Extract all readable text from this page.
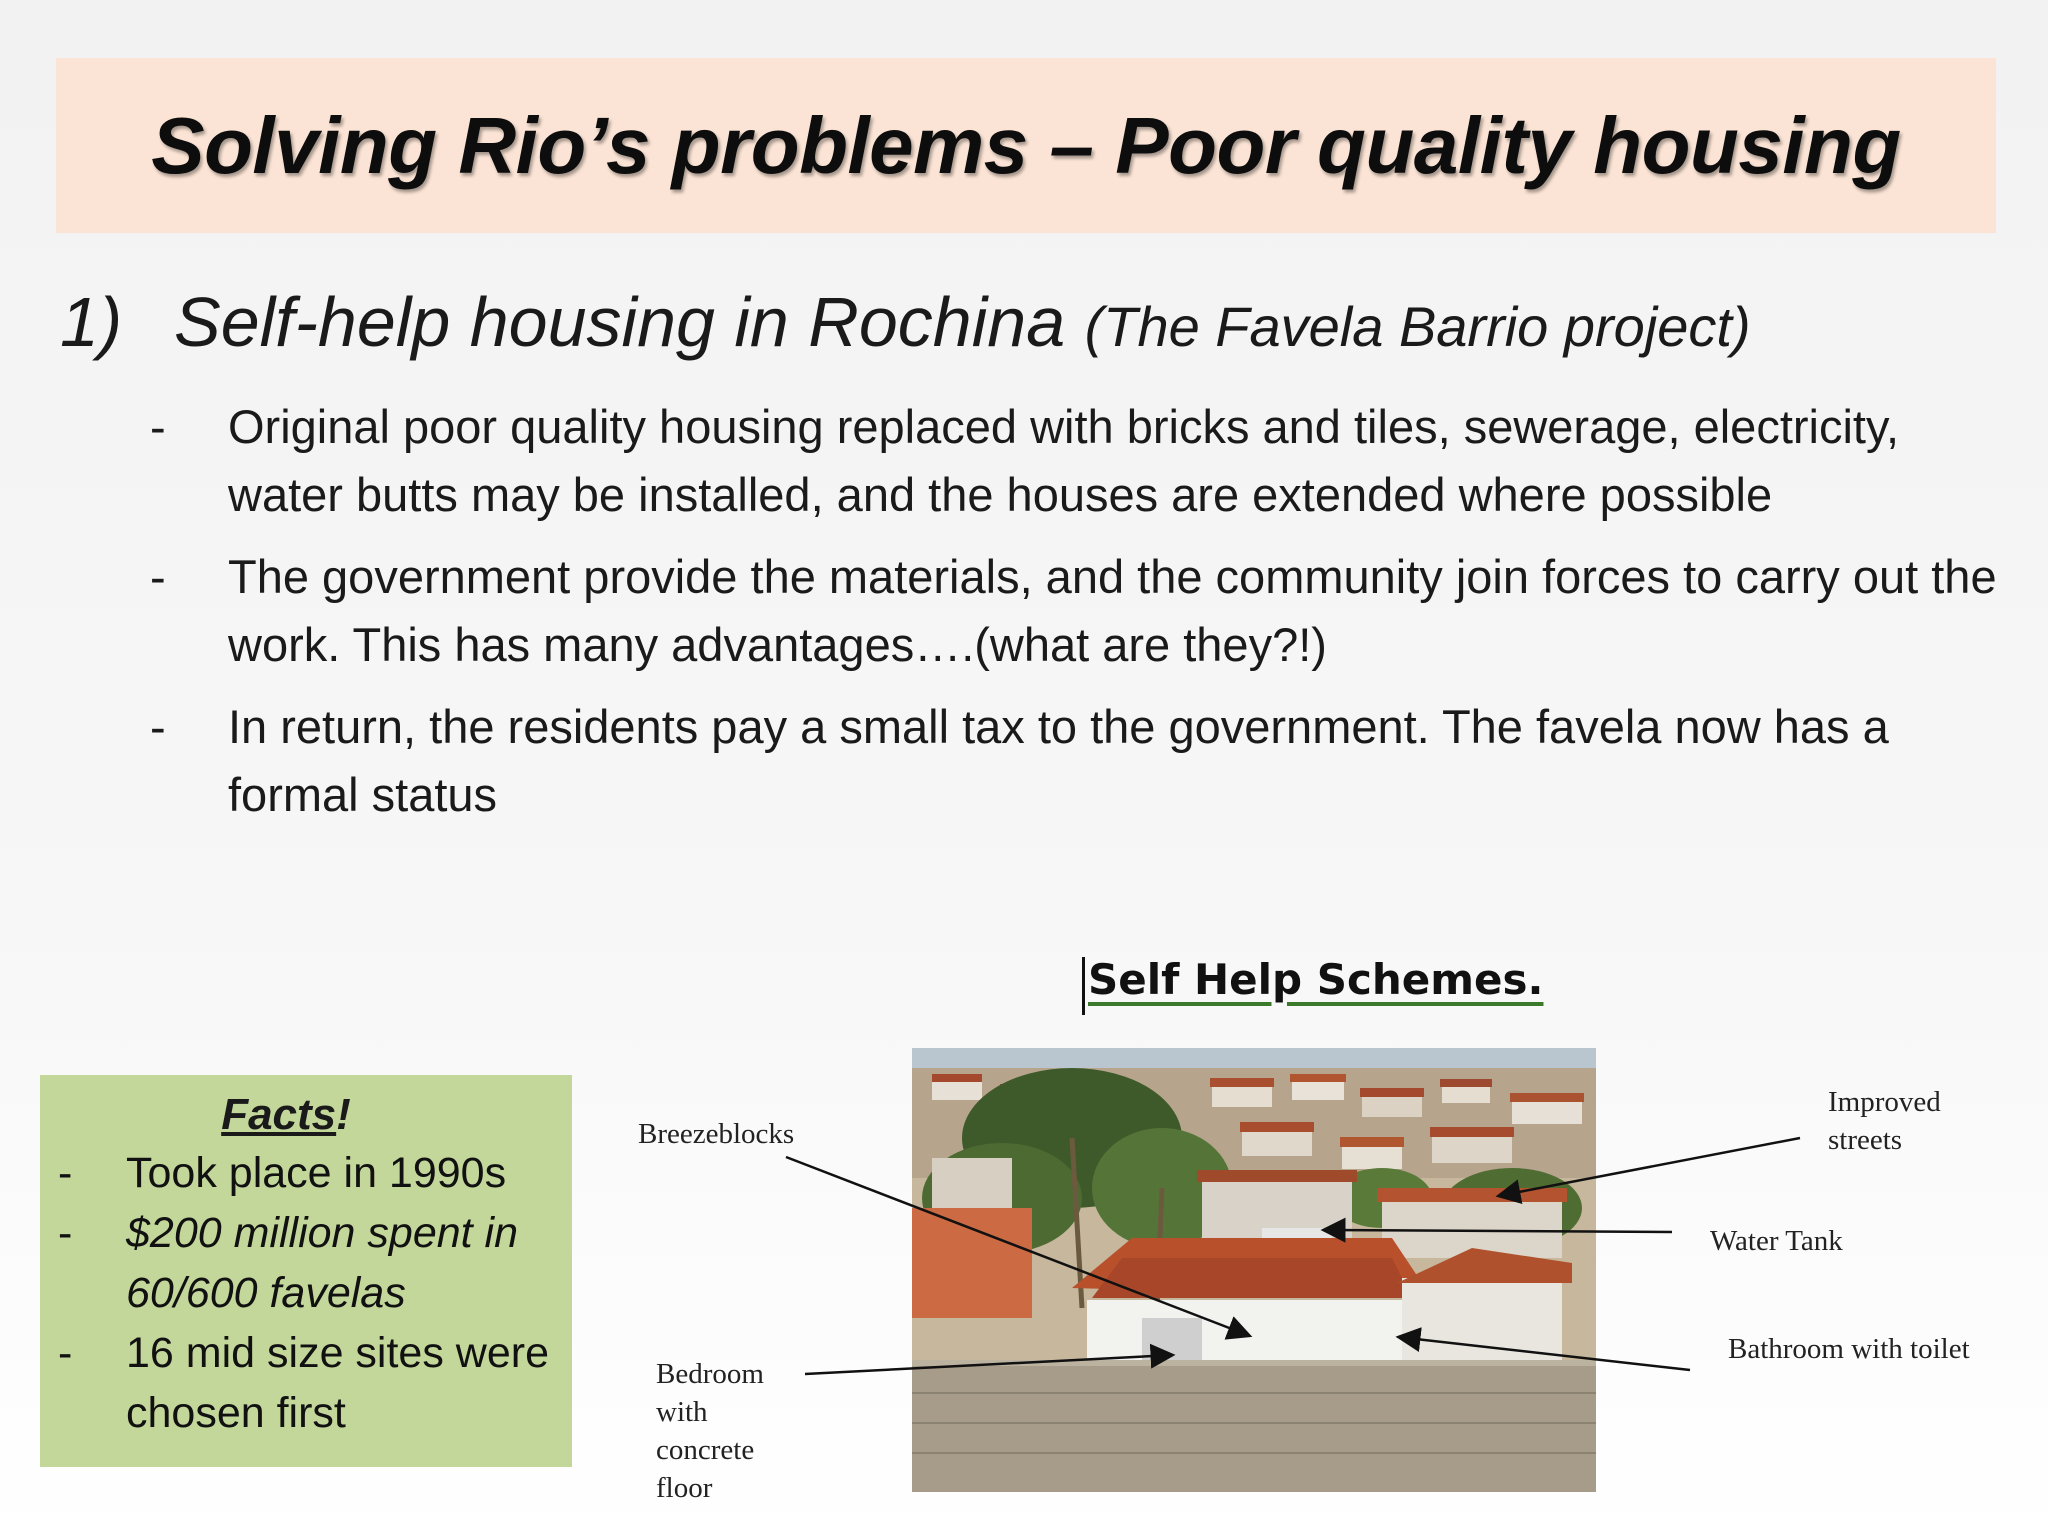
Solving Rio’s problems – Poor quality housing
1) Self-help housing in Rochina (The Favela Barrio project)
- Original poor quality housing replaced with bricks and tiles, sewerage, electricity, water butts may be installed, and the houses are extended where possible
- The government provide the materials, and the community join forces to carry out the work. This has many advantages….(what are they?!)
- In return, the residents pay a small tax to the government. The favela now has a formal status
Facts!
- Took place in 1990s
- $200 million spent in 60/600 favelas
- 16 mid size sites were chosen first
Self Help Schemes.
Breezeblocks
Improved streets
Water Tank
Bathroom with toilet
Bedroom with concrete floor
